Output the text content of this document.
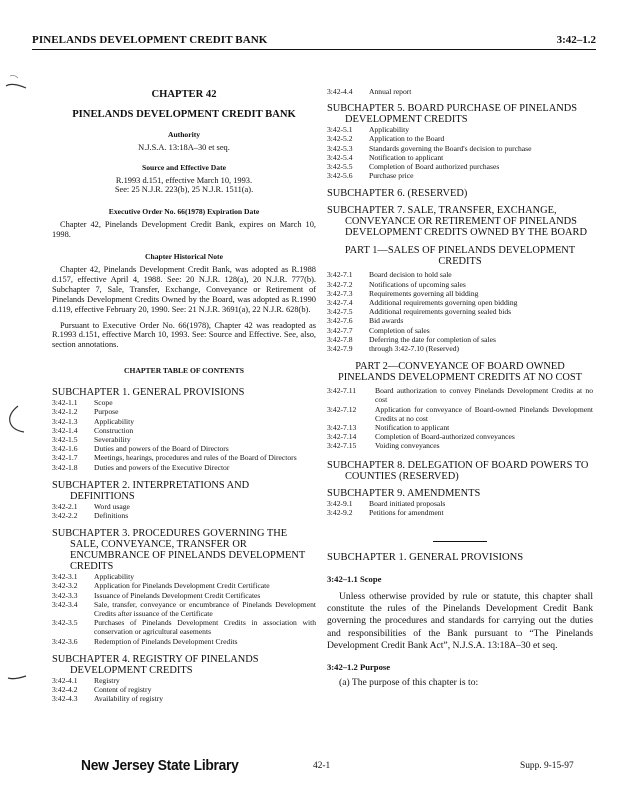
PINELANDS DEVELOPMENT CREDIT BANK	3:42–1.2
CHAPTER 42
PINELANDS DEVELOPMENT CREDIT BANK
Authority
N.J.S.A. 13:18A–30 et seq.
Source and Effective Date
R.1993 d.151, effective March 10, 1993.
See: 25 N.J.R. 223(b), 25 N.J.R. 1511(a).
Executive Order No. 66(1978) Expiration Date

Chapter 42, Pinelands Development Credit Bank, expires on March 10, 1998.

Chapter Historical Note

Chapter 42, Pinelands Development Credit Bank, was adopted as R.1988 d.157, effective April 4, 1988. See: 20 N.J.R. 128(a), 20 N.J.R. 777(b). Subchapter 7, Sale, Transfer, Exchange, Conveyance or Retirement of Pinelands Development Credits Owned by the Board, was adopted as R.1990 d.119, effective February 20, 1990. See: 21 N.J.R. 3691(a), 22 N.J.R. 628(b).

Pursuant to Executive Order No. 66(1978), Chapter 42 was readopted as R.1993 d.151, effective March 10, 1993. See: Source and Effective. See, also, section annotations.

CHAPTER TABLE OF CONTENTS
SUBCHAPTER 1. GENERAL PROVISIONS
3:42-1.1	Scope
3:42-1.2	Purpose
3:42-1.3	Applicability
3:42-1.4	Construction
3:42-1.5	Severability
3:42-1.6	Duties and powers of the Board of Directors
3:42-1.7	Meetings, hearings, procedures and rules of the Board of Directors
3:42-1.8	Duties and powers of the Executive Director
SUBCHAPTER 2. INTERPRETATIONS AND DEFINITIONS
3:42-2.1	Word usage
3:42-2.2	Definitions
SUBCHAPTER 3. PROCEDURES GOVERNING THE SALE, CONVEYANCE, TRANSFER OR ENCUMBRANCE OF PINELANDS DEVELOPMENT CREDITS
3:42-3.1	Applicability
3:42-3.2	Application for Pinelands Development Credit Certificate
3:42-3.3	Issuance of Pinelands Development Credit Certificates
3:42-3.4	Sale, transfer, conveyance or encumbrance of Pinelands Development Credits after issuance of the Certificate
3:42-3.5	Purchases of Pinelands Development Credits in association with conservation or agricultural easements
3:42-3.6	Redemption of Pinelands Development Credits
SUBCHAPTER 4. REGISTRY OF PINELANDS DEVELOPMENT CREDITS
3:42-4.1	Registry
3:42-4.2	Content of registry
3:42-4.3	Availability of registry
3:42-4.4	Annual report
SUBCHAPTER 5. BOARD PURCHASE OF PINELANDS DEVELOPMENT CREDITS
3:42-5.1	Applicability
3:42-5.2	Application to the Board
3:42-5.3	Standards governing the Board's decision to purchase
3:42-5.4	Notification to applicant
3:42-5.5	Completion of Board authorized purchases
3:42-5.6	Purchase price
SUBCHAPTER 6. (RESERVED)
SUBCHAPTER 7. SALE, TRANSFER, EXCHANGE, CONVEYANCE OR RETIREMENT OF PINELANDS DEVELOPMENT CREDITS OWNED BY THE BOARD
PART 1—SALES OF PINELANDS DEVELOPMENT CREDITS
3:42-7.1	Board decision to hold sale
3:42-7.2	Notifications of upcoming sales
3:42-7.3	Requirements governing all bidding
3:42-7.4	Additional requirements governing open bidding
3:42-7.5	Additional requirements governing sealed bids
3:42-7.6	Bid awards
3:42-7.7	Completion of sales
3:42-7.8	Deferring the date for completion of sales
3:42-7.9	through 3:42-7.10 (Reserved)
PART 2—CONVEYANCE OF BOARD OWNED PINELANDS DEVELOPMENT CREDITS AT NO COST
3:42-7.11	Board authorization to convey Pinelands Development Credits at no cost
3:42-7.12	Application for conveyance of Board-owned Pinelands Development Credits at no cost
3:42-7.13	Notification to applicant
3:42-7.14	Completion of Board-authorized conveyances
3:42-7.15	Voiding conveyances
SUBCHAPTER 8. DELEGATION OF BOARD POWERS TO COUNTIES (RESERVED)
SUBCHAPTER 9. AMENDMENTS
3:42-9.1	Board initiated proposals
3:42-9.2	Petitions for amendment
SUBCHAPTER 1. GENERAL PROVISIONS
3:42–1.1 Scope

Unless otherwise provided by rule or statute, this chapter shall constitute the rules of the Pinelands Development Credit Bank governing the procedures and standards for carrying out the duties and responsibilities of the Bank pursuant to “The Pinelands Development Credit Bank Act”, N.J.S.A. 13:18A–30 et seq.

3:42–1.2 Purpose

(a) The purpose of this chapter is to:

New Jersey State Library	42-1	Supp. 9-15-97
